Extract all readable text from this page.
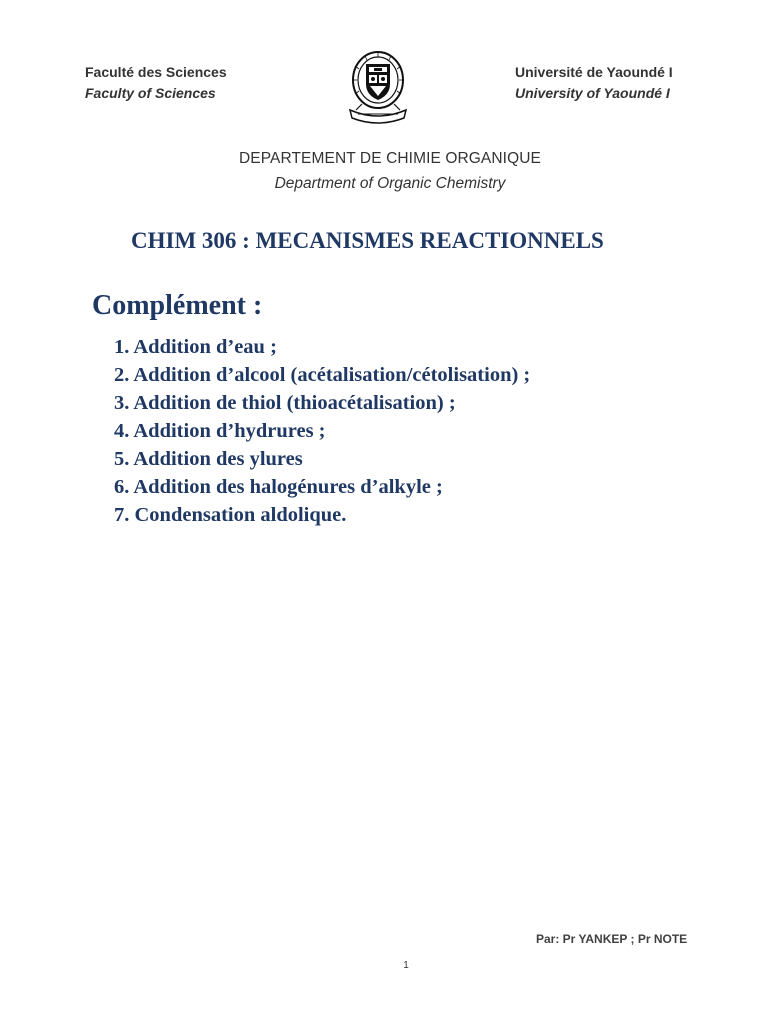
Faculté des Sciences
Faculty of Sciences
Université de Yaoundé I
University of Yaoundé I
DEPARTEMENT DE CHIMIE ORGANIQUE
Department of Organic Chemistry
CHIM 306 : MECANISMES REACTIONNELS
Complément :
1. Addition d’eau ;
2. Addition d’alcool (acétalisation/cétolisation) ;
3. Addition de thiol (thioacétalisation) ;
4. Addition d’hydrures ;
5. Addition des ylures
6. Addition des halogénures d’alkyle ;
7. Condensation aldolique.
Par: Pr YANKEP ; Pr NOTE
1
